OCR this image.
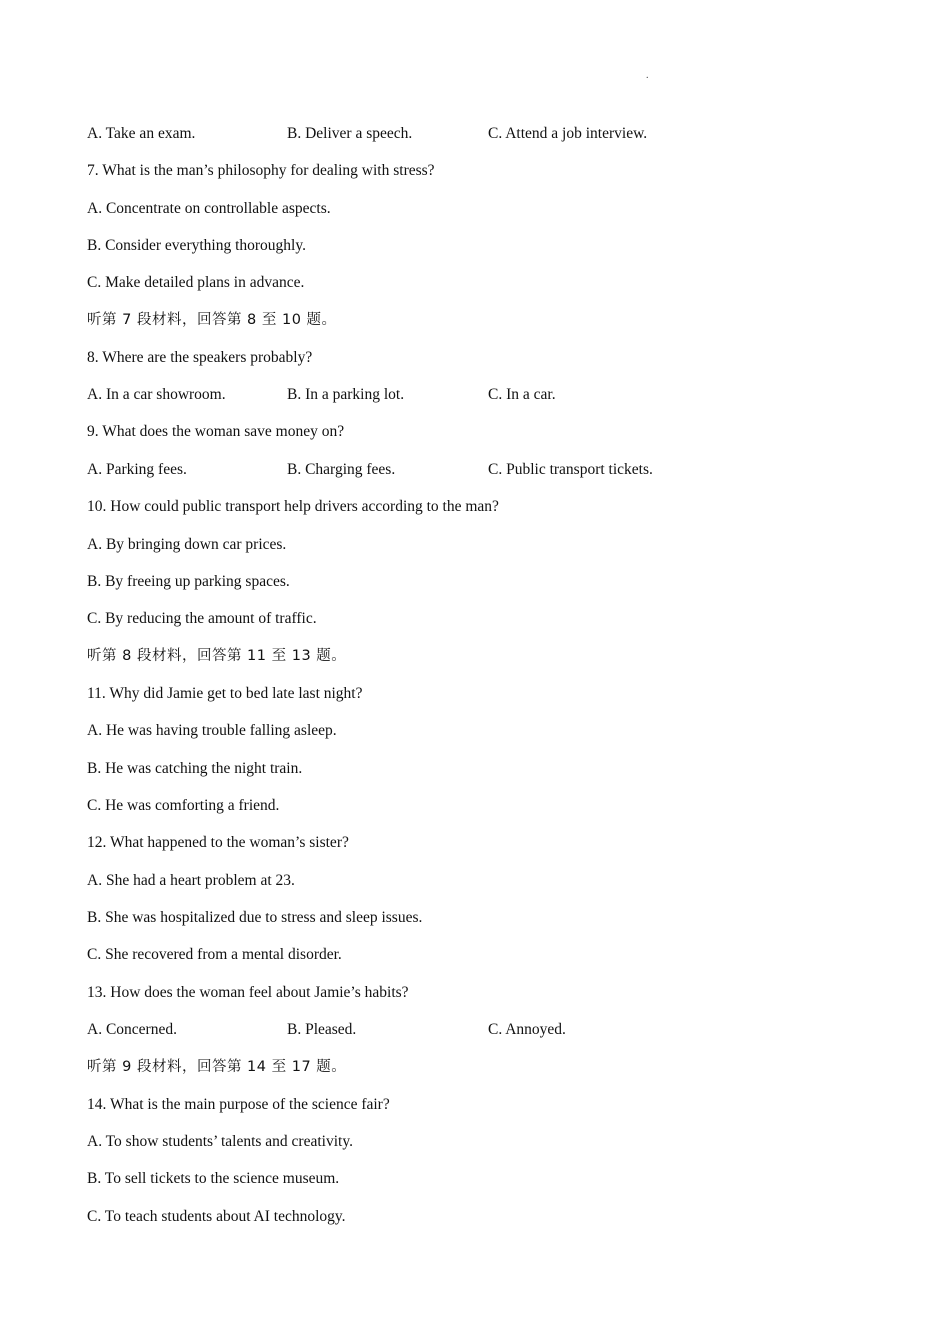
.
A. Take an exam.	B. Deliver a speech.	C. Attend a job interview.
7. What is the man’s philosophy for dealing with stress?
A. Concentrate on controllable aspects.
B. Consider everything thoroughly.
C. Make detailed plans in advance.
听第 7 段材料，回答第 8 至 10 题。
8. Where are the speakers probably?
A. In a car showroom.	B. In a parking lot.	C. In a car.
9. What does the woman save money on?
A. Parking fees.	B. Charging fees.	C. Public transport tickets.
10. How could public transport help drivers according to the man?
A. By bringing down car prices.
B. By freeing up parking spaces.
C. By reducing the amount of traffic.
听第 8 段材料，回答第 11 至 13 题。
11. Why did Jamie get to bed late last night?
A. He was having trouble falling asleep.
B. He was catching the night train.
C. He was comforting a friend.
12. What happened to the woman’s sister?
A. She had a heart problem at 23.
B. She was hospitalized due to stress and sleep issues.
C. She recovered from a mental disorder.
13. How does the woman feel about Jamie’s habits?
A. Concerned.	B. Pleased.	C. Annoyed.
听第 9 段材料，回答第 14 至 17 题。
14. What is the main purpose of the science fair?
A. To show students’ talents and creativity.
B. To sell tickets to the science museum.
C. To teach students about AI technology.
